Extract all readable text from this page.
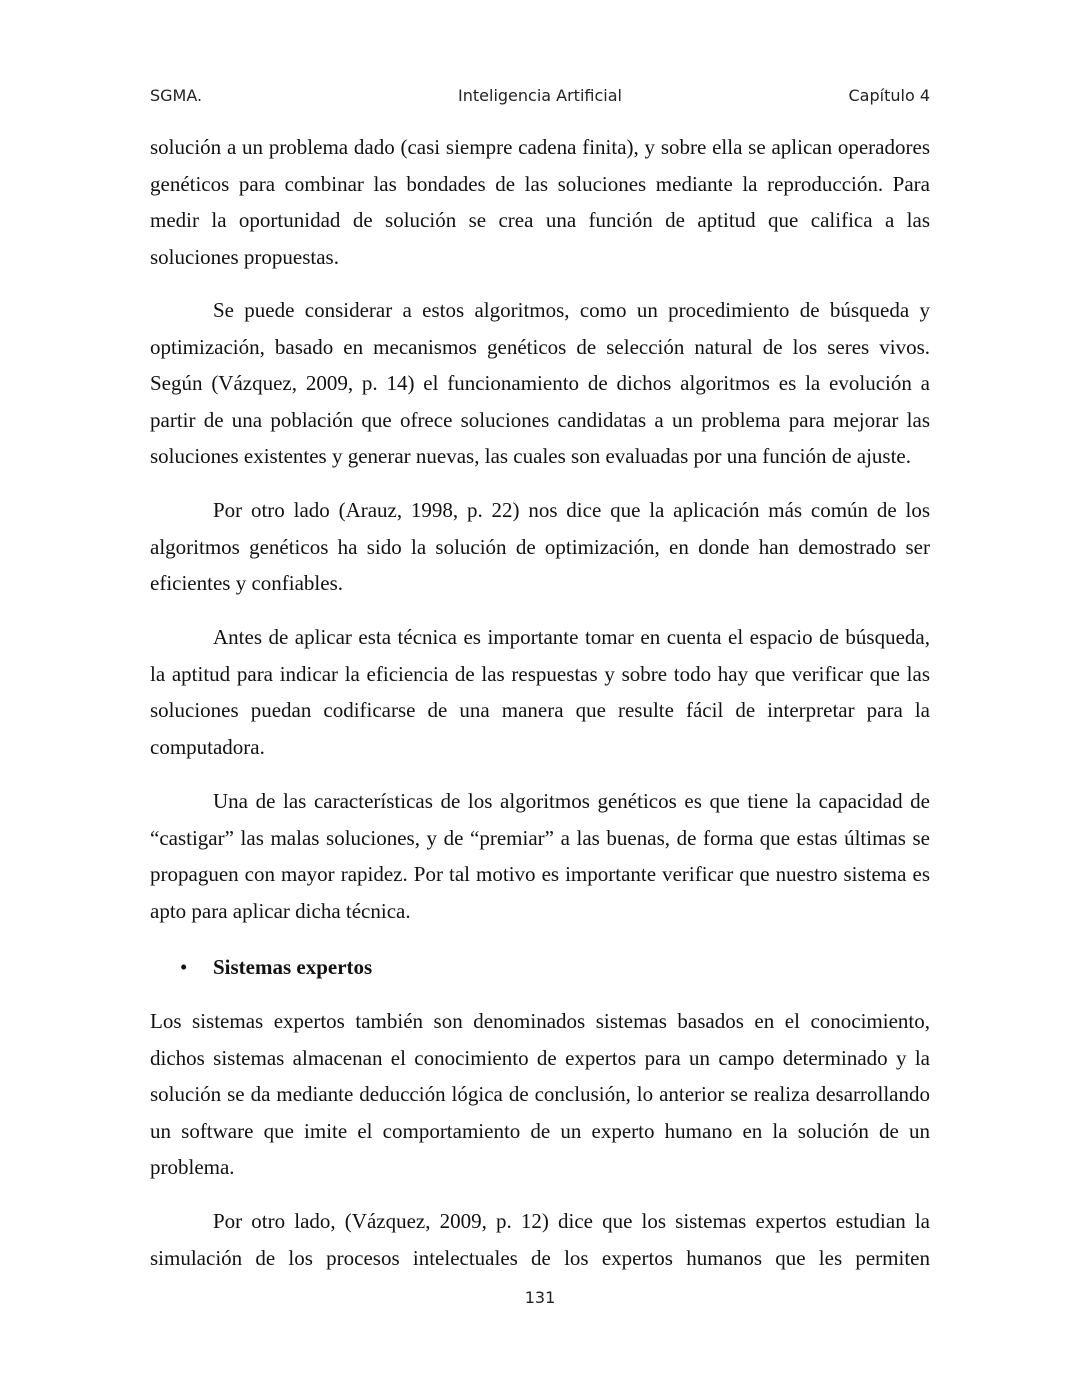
SGMA.	Inteligencia Artificial	Capítulo 4
solución a un problema dado (casi siempre cadena finita), y sobre ella se aplican operadores
genéticos para combinar las bondades de las soluciones mediante la reproducción. Para
medir la oportunidad de solución se crea una función de aptitud que califica a las
soluciones propuestas.
Se puede considerar a estos algoritmos, como un procedimiento de búsqueda y
optimización, basado en mecanismos genéticos de selección natural de los seres vivos.
Según (Vázquez, 2009, p. 14) el funcionamiento de dichos algoritmos es la evolución a
partir de una población que ofrece soluciones candidatas a un problema para mejorar las
soluciones existentes y generar nuevas, las cuales son evaluadas por una función de ajuste.
Por otro lado (Arauz, 1998, p. 22) nos dice que la aplicación más común de los
algoritmos genéticos ha sido la solución de optimización, en donde han demostrado ser
eficientes y confiables.
Antes de aplicar esta técnica es importante tomar en cuenta el espacio de búsqueda,
la aptitud para indicar la eficiencia de las respuestas y sobre todo hay que verificar que las
soluciones puedan codificarse de una manera que resulte fácil de interpretar para la
computadora.
Una de las características de los algoritmos genéticos es que tiene la capacidad de
“castigar” las malas soluciones, y de “premiar” a las buenas, de forma que estas últimas se
propaguen con mayor rapidez. Por tal motivo es importante verificar que nuestro sistema es
apto para aplicar dicha técnica.
Los sistemas expertos también son denominados sistemas basados en el conocimiento,
dichos sistemas almacenan el conocimiento de expertos para un campo determinado y la
solución se da mediante deducción lógica de conclusión, lo anterior se realiza desarrollando
un software que imite el comportamiento de un experto humano en la solución de un
problema.
Por otro lado, (Vázquez, 2009, p. 12) dice que los sistemas expertos estudian la
simulación de los procesos intelectuales de los expertos humanos que les permiten
• Sistemas expertos
131
